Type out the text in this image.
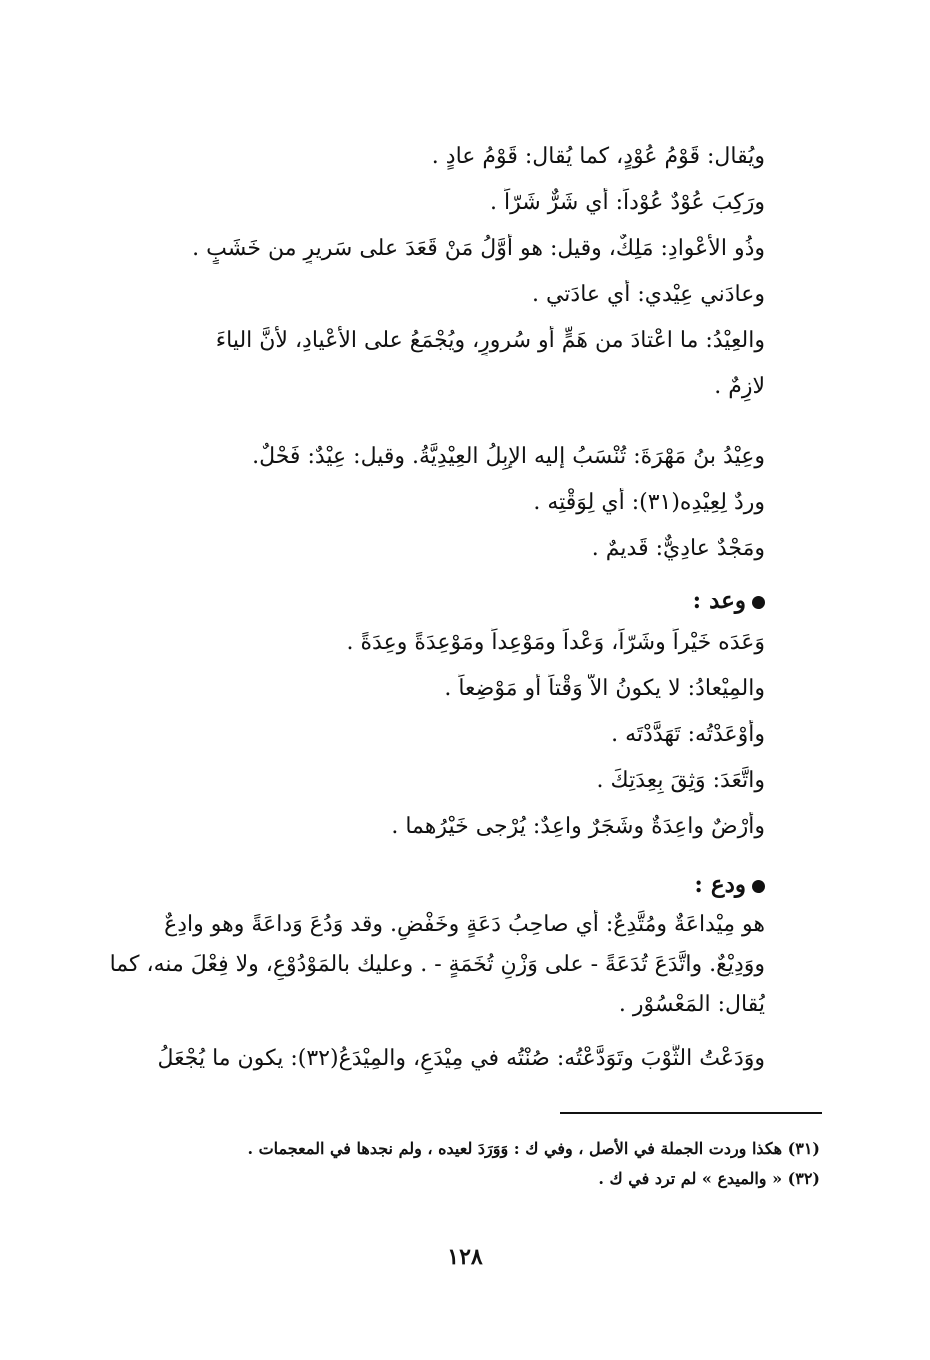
ويُقال: قَوْمُ عُوْدٍ، كما يُقال: قَوْمُ عادٍ .
ورَكِبَ عُوْدٌ عُوْداً: أي شَرٌّ شَرّاً .
وذُو الأَعْوادِ: مَلِكٌ، وقيل: هو أوَّلُ مَنْ قَعَدَ على سَريرٍ من خَشَبٍ .
وعادَني عِيْدي: أي عادَتي .
والعِيْدُ: ما اعْتادَ من هَمٍّ أو سُرورٍ، ويُجْمَعُ على الأعْيادِ، لأنَّ الياءَ
لازِمٌ .
وعِيْدُ بنُ مَهْرَةَ: تُنْسَبُ إليه الإبِلُ العِيْدِيَّةُ. وقيل: عِيْدٌ: فَحْلٌ.
وردٌ لِعِيْدِه(٣١): أي لِوَقْتِه .
ومَجْدٌ عادِيٌّ: قَديمٌ .
وعد :
وَعَدَه خَيْراً وشَرّاً، وَعْداً ومَوْعِداً ومَوْعِدَةً وعِدَةً .
والمِيْعادُ: لا يكونُ الاّ وَقْتاً أو مَوْضِعاً .
وأوْعَدْتُه: تَهَدَّدْتَه .
واتَّعَدَ: وَثِقَ بِعِدَتِكَ .
وأرْضٌ واعِدَةٌ وشَجَرٌ واعِدٌ: يُرْجى خَيْرُهما .
ودع :
هو مِيْداعَةٌ ومُتَّدِعٌ: أي صاحِبُ دَعَةٍ وخَفْضٍ. وقد وَدُعَ وَداعَةً وهو وادِعٌ
ووَدِيْعٌ. واتَّدَعَ تُدَعَةً - على وَزْنِ تُخَمَةٍ - . وعليك بالمَوْدُوْعِ، ولا فِعْلَ منه، كما
يُقال: المَعْسُوْر .
ووَدَعْتُ الثَّوْبَ وتَوَدَّعْتُه: صُنْتُه في مِيْدَعٍ، والمِيْدَعُ(٣٢): يكون ما يُجْعَلُ
(٣١) هكذا وردت الجملة في الأصل ، وفي ك : وَوَرَدَ لعيده ، ولم نجدها في المعجمات .
(٣٢) « والميدع » لم ترد في ك .
١٢٨
